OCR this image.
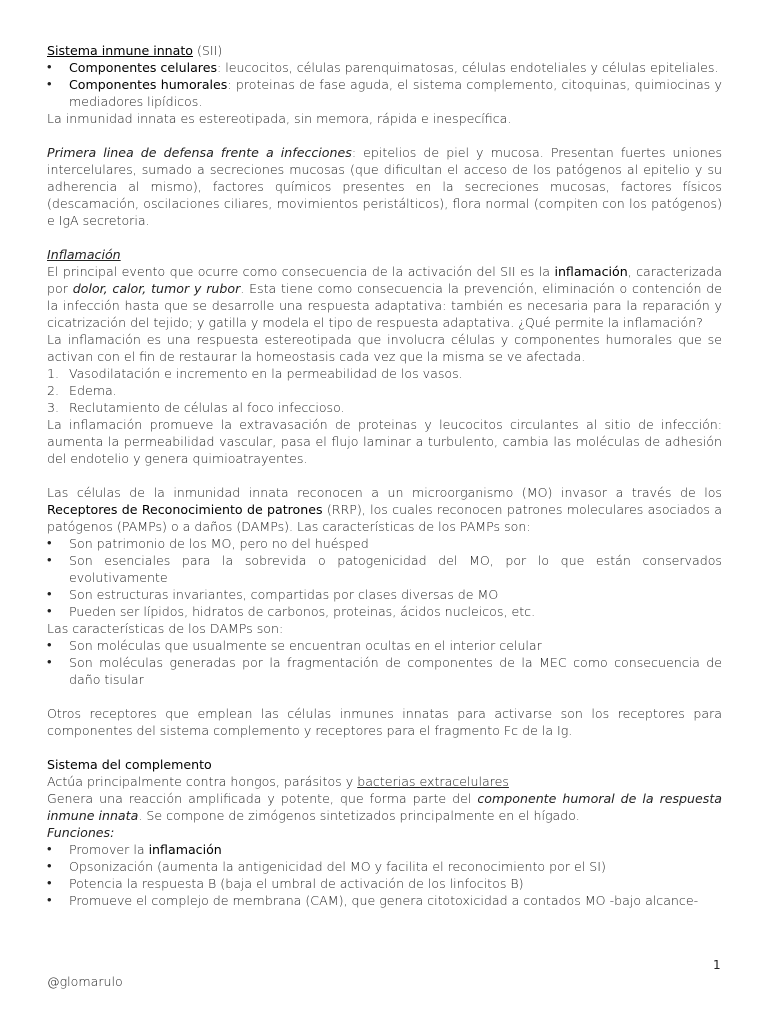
Sistema inmune innato (SII)

• Componentes celulares: leucocitos, células parenquimatosas, células endoteliales y células epiteliales.
• Componentes humorales: proteinas de fase aguda, el sistema complemento, citoquinas, quimiocinas y mediadores lipídicos.

La inmunidad innata es estereotipada, sin memora, rápida e inespecífica.

Primera linea de defensa frente a infecciones: epitelios de piel y mucosa. Presentan fuertes uniones intercelulares, sumado a secreciones mucosas (que dificultan el acceso de los patógenos al epitelio y su adherencia al mismo), factores químicos presentes en la secreciones mucosas, factores físicos (descamación, oscilaciones ciliares, movimientos peristálticos), flora normal (compiten con los patógenos) e IgA secretoria.

Inflamación

El principal evento que ocurre como consecuencia de la activación del SII es la inflamación, caracterizada por dolor, calor, tumor y rubor. Esta tiene como consecuencia la prevención, eliminación o contención de la infección hasta que se desarrolle una respuesta adaptativa: también es necesaria para la reparación y cicatrización del tejido; y gatilla y modela el tipo de respuesta adaptativa. ¿Qué permite la inflamación?

La inflamación es una respuesta estereotipada que involucra células y componentes humorales que se activan con el fin de restaurar la homeostasis cada vez que la misma se ve afectada.

1. Vasodilatación e incremento en la permeabilidad de los vasos.
2. Edema.
3. Reclutamiento de células al foco infeccioso.

La inflamación promueve la extravasación de proteinas y leucocitos circulantes al sitio de infección: aumenta la permeabilidad vascular, pasa el flujo laminar a turbulento, cambia las moléculas de adhesión del endotelio y genera quimioatrayentes.

Las células de la inmunidad innata reconocen a un microorganismo (MO) invasor a través de los Receptores de Reconocimiento de patrones (RRP), los cuales reconocen patrones moleculares asociados a patógenos (PAMPs) o a daños (DAMPs). Las características de los PAMPs son:

• Son patrimonio de los MO, pero no del huésped
• Son esenciales para la sobrevida o patogenicidad del MO, por lo que están conservados evolutivamente
• Son estructuras invariantes, compartidas por clases diversas de MO
• Pueden ser lípidos, hidratos de carbonos, proteinas, ácidos nucleicos, etc.

Las características de los DAMPs son:

• Son moléculas que usualmente se encuentran ocultas en el interior celular
• Son moléculas generadas por la fragmentación de componentes de la MEC como consecuencia de daño tisular

Otros receptores que emplean las células inmunes innatas para activarse son los receptores para componentes del sistema complemento y receptores para el fragmento Fc de la Ig.

Sistema del complemento

Actúa principalmente contra hongos, parásitos y bacterias extracelulares

Genera una reacción amplificada y potente, que forma parte del componente humoral de la respuesta inmune innata. Se compone de zimógenos sintetizados principalmente en el hígado.

Funciones:

• Promover la inflamación
• Opsonización (aumenta la antigenicidad del MO y facilita el reconocimiento por el SI)
• Potencia la respuesta B (baja el umbral de activación de los linfocitos B)
• Promueve el complejo de membrana (CAM), que genera citotoxicidad a contados MO -bajo alcance-
1
@glomarulo
